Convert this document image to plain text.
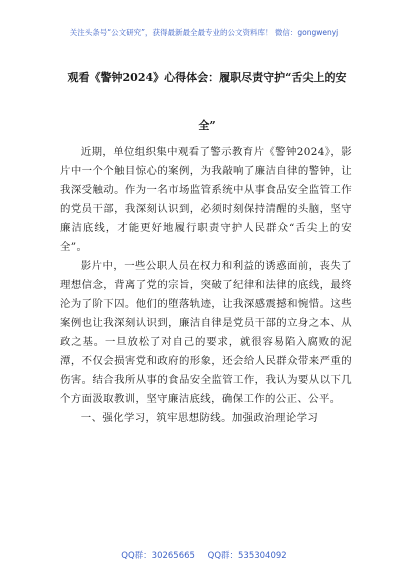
关注头条号“公文研究”，获得最新最全最专业的公文资料库！ 微信：gongwenyj
观看《警钟2024》心得体会：履职尽责守护“舌尖上的安
全”

近期，单位组织集中观看了警示教育片《警钟2024》，影片中一个个触目惊心的案例，为我敲响了廉洁自律的警钟，让我深受触动。作为一名市场监管系统中从事食品安全监管工作的党员干部，我深刻认识到，必须时刻保持清醒的头脑，坚守廉洁底线，才能更好地履行职责守护人民群众“舌尖上的安全”。

影片中，一些公职人员在权力和利益的诱惑面前，丧失了理想信念，背离了党的宗旨，突破了纪律和法律的底线，最终沦为了阶下囚。他们的堕落轨迹，让我深感震撼和惋惜。这些案例也让我深刻认识到，廉洁自律是党员干部的立身之本、从政之基。一旦放松了对自己的要求，就很容易陷入腐败的泥潭，不仅会损害党和政府的形象，还会给人民群众带来严重的伤害。结合我所从事的食品安全监管工作，我认为要从以下几个方面汲取教训，坚守廉洁底线，确保工作的公正、公平。

一、强化学习，筑牢思想防线。加强政治理论学习

QQ群：30265665 QQ群：535304092
